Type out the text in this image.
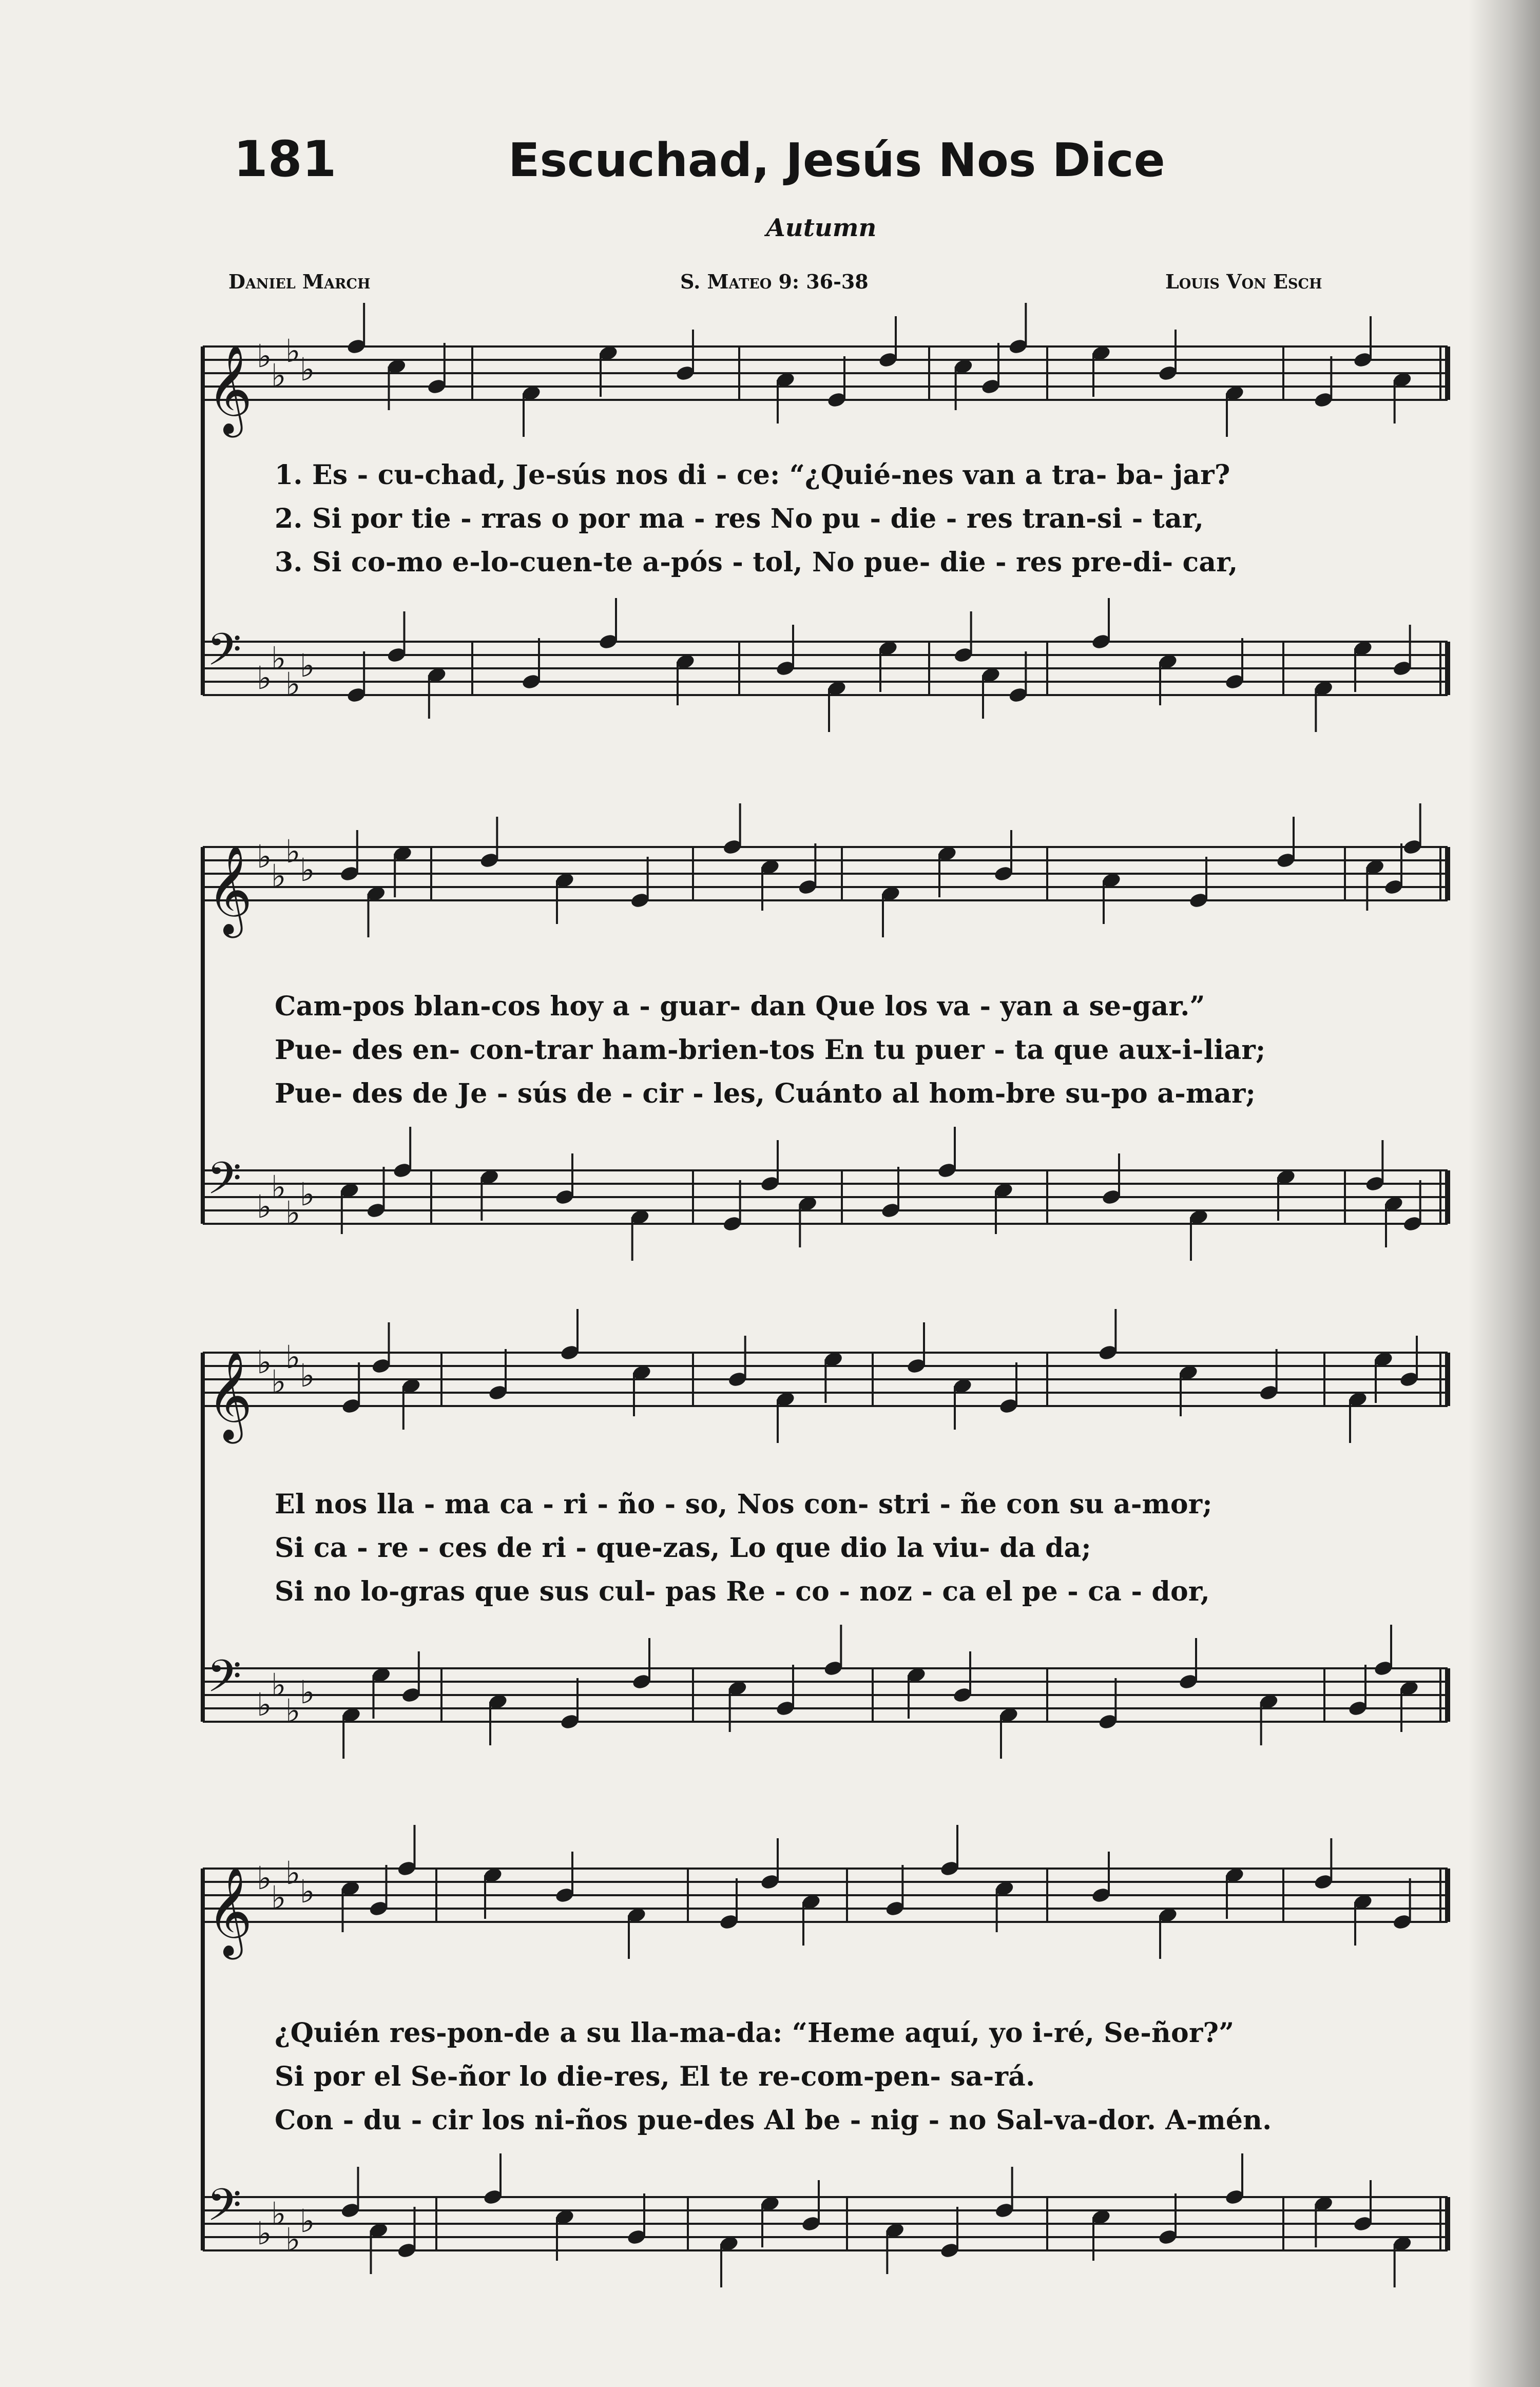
181	Escuchad, Jesús Nos Dice
Autumn
Daniel March	S. Mateo 9: 36-38	Louis Von Esch
𝄞 ♭
♭
♭
♭
𝄢 ♭
♭
♭
♭
𝄞 ♭
♭
♭
♭
𝄢 ♭
♭
♭
♭
𝄞 ♭
♭
♭
♭
𝄢 ♭
♭
♭
♭
𝄞 ♭
♭
♭
♭
𝄢 ♭
♭
♭
♭
1. Es - cu-chad, Je-sús nos di - ce: “¿Quié-nes van a tra- ba- jar?
2. Si por tie - rras o por ma - res No pu - die - res tran-si - tar,
3. Si co-mo e-lo-cuen-te a-pós - tol, No pue- die - res pre-di- car,
Cam-pos blan-cos hoy a - guar- dan Que los va - yan a se-gar.”
Pue- des en- con-trar ham-brien-tos En tu puer - ta que aux-i-liar;
Pue- des de Je - sús de - cir - les, Cuánto al hom-bre su-po a-mar;
El nos lla - ma ca - ri - ño - so, Nos con- stri - ñe con su a-mor;
Si ca - re - ces de ri - que-zas, Lo que dio la viu- da da;
Si no lo-gras que sus cul- pas Re - co - noz - ca el pe - ca - dor,
¿Quién res-pon-de a su lla-ma-da: “Heme aquí, yo i-ré, Se-ñor?”
Si por el Se-ñor lo die-res, El te re-com-pen- sa-rá.
Con - du - cir los ni-ños pue-des Al be - nig - no Sal-va-dor. A-mén.
